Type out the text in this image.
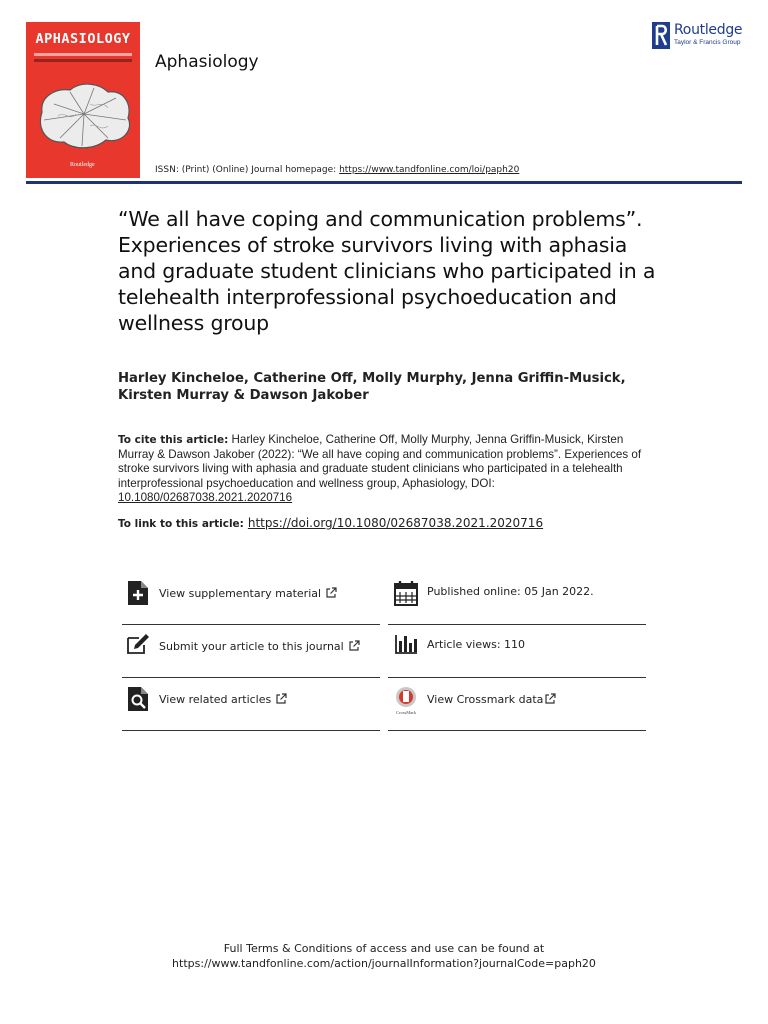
APHASIOLOGY
Routledge
Aphasiology
Routledge
Taylor & Francis Group
ISSN: (Print) (Online) Journal homepage: https://www.tandfonline.com/loi/paph20
“We all have coping and communication problems”. Experiences of stroke survivors living with aphasia and graduate student clinicians who participated in a telehealth interprofessional psychoeducation and wellness group
Harley Kincheloe, Catherine Off, Molly Murphy, Jenna Griffin-Musick, Kirsten Murray & Dawson Jakober
To cite this article: Harley Kincheloe, Catherine Off, Molly Murphy, Jenna Griffin-Musick, Kirsten Murray & Dawson Jakober (2022): “We all have coping and communication problems”. Experiences of stroke survivors living with aphasia and graduate student clinicians who participated in a telehealth interprofessional psychoeducation and wellness group, Aphasiology, DOI: 10.1080/02687038.2021.2020716
To link to this article: https://doi.org/10.1080/02687038.2021.2020716
View supplementary material
Submit your article to this journal
View related articles
Published online: 05 Jan 2022.
Article views: 110
CrossMark
View Crossmark data
Full Terms & Conditions of access and use can be found at
https://www.tandfonline.com/action/journalInformation?journalCode=paph20
